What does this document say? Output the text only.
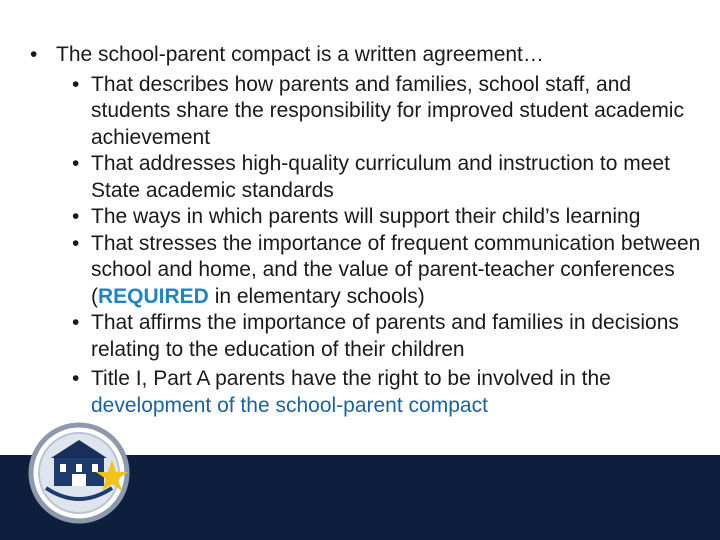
• The school-parent compact is a written agreement…
• That describes how parents and families, school staff, and students share the responsibility for improved student academic achievement
• That addresses high-quality curriculum and instruction to meet State academic standards
• The ways in which parents will support their child’s learning
• That stresses the importance of frequent communication between school and home, and the value of parent-teacher conferences (REQUIRED in elementary schools)
• That affirms the importance of parents and families in decisions relating to the education of their children
• Title I, Part A parents have the right to be involved in the development of the school-parent compact
